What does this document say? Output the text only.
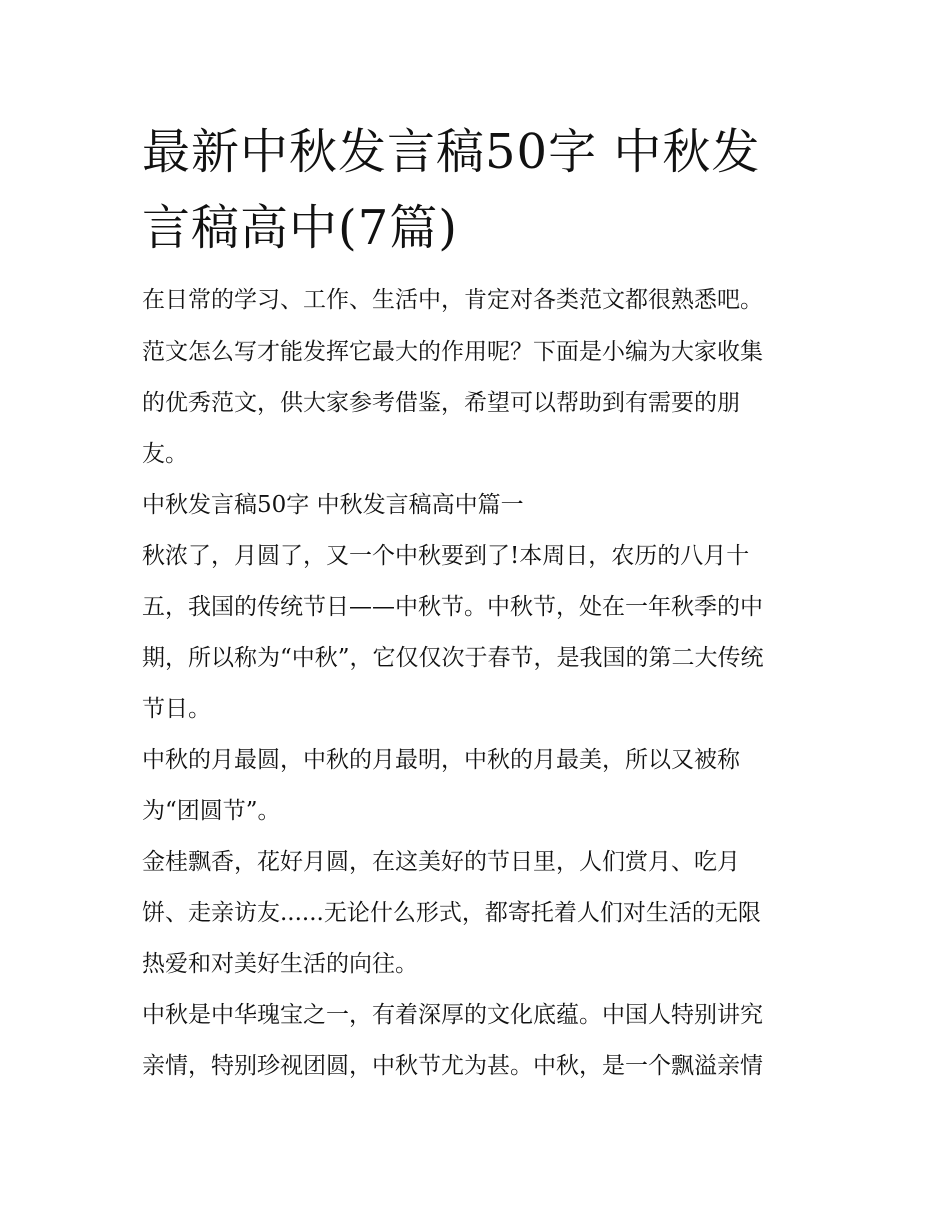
最新中秋发言稿50字 中秋发
言稿高中(7篇)
在日常的学习、工作、生活中，肯定对各类范文都很熟悉吧。
范文怎么写才能发挥它最大的作用呢？下面是小编为大家收集
的优秀范文，供大家参考借鉴，希望可以帮助到有需要的朋
友。
中秋发言稿50字 中秋发言稿高中篇一
秋浓了，月圆了，又一个中秋要到了!本周日，农历的八月十
五，我国的传统节日——中秋节。中秋节，处在一年秋季的中
期，所以称为“中秋”，它仅仅次于春节，是我国的第二大传统
节日。
中秋的月最圆，中秋的月最明，中秋的月最美，所以又被称
为“团圆节”。
金桂飘香，花好月圆，在这美好的节日里，人们赏月、吃月
饼、走亲访友......无论什么形式，都寄托着人们对生活的无限
热爱和对美好生活的向往。
中秋是中华瑰宝之一，有着深厚的文化底蕴。中国人特别讲究
亲情，特别珍视团圆，中秋节尤为甚。中秋，是一个飘溢亲情
